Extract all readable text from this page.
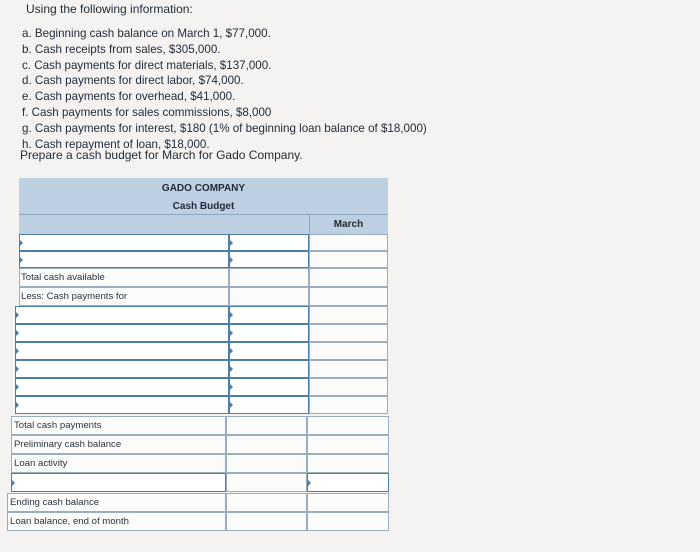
Using the following information:
a. Beginning cash balance on March 1, $77,000.
b. Cash receipts from sales, $305,000.
c. Cash payments for direct materials, $137,000.
d. Cash payments for direct labor, $74,000.
e. Cash payments for overhead, $41,000.
f. Cash payments for sales commissions, $8,000
g. Cash payments for interest, $180 (1% of beginning loan balance of $18,000)
h. Cash repayment of loan, $18,000.
Prepare a cash budget for March for Gado Company.
GADO COMPANY
Cash Budget
March
Total cash available
Less: Cash payments for
Total cash payments
Preliminary cash balance
Loan activity
Ending cash balance
Loan balance, end of month
